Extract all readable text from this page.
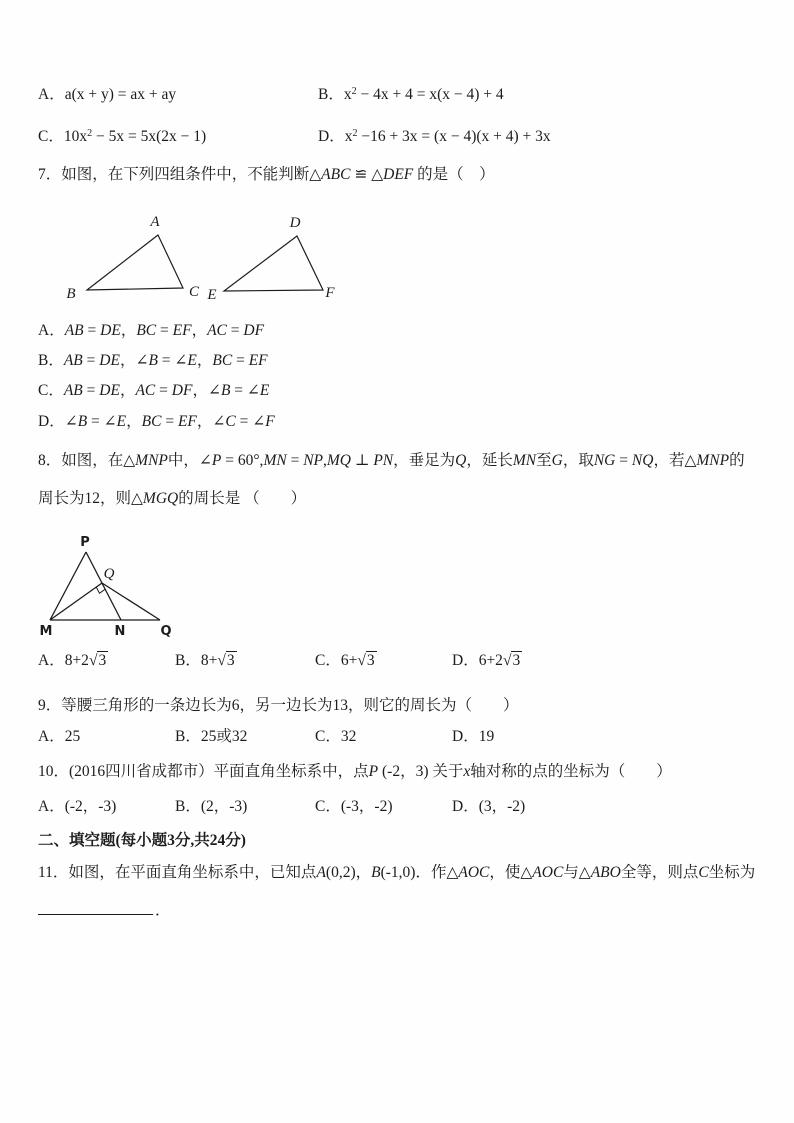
A．a(x + y) = ax + ay	B．$x^2 - 4x + 4 = x(x - 4) + 4$
C．$10x^2 - 5x = 5x(2x - 1)$	D．$x^2 -16 + 3x = (x - 4)(x + 4) + 3x$
7．如图，在下列四组条件中，不能判断△ABC ≌ △DEF 的是（　）
A
B	C
D
E	F
A．AB = DE，BC = EF，AC = DF
B．AB = DE，∠B = ∠E，BC = EF
C．AB = DE，AC = DF，∠B = ∠E
D．∠B = ∠E，BC = EF，∠C = ∠F
8．如图，在△MNP中，∠P = 60°,MN = NP,MQ ⊥ PN，垂足为Q，延长MN至G，取NG = NQ，若△MNP的
周长为12，则△MGQ的周长是 （　　）
P
Q
M	N	Q
A．8+2√3	B．8+√3	C．6+√3	D．6+2√3
9．等腰三角形的一条边长为6，另一边长为13，则它的周长为（　　）
A．25	B．25或32	C．32	D．19
10．(2016四川省成都市）平面直角坐标系中，点P (-2，3) 关于x轴对称的点的坐标为（　　）
A．(-2，-3)	B．(2，-3)	C．(-3，-2)	D．(3，-2)
二、填空题(每小题3分,共24分)
11．如图，在平面直角坐标系中，已知点A(0,2)，B(-1,0)．作△AOC，使△AOC与△ABO全等，则点C坐标为
．
